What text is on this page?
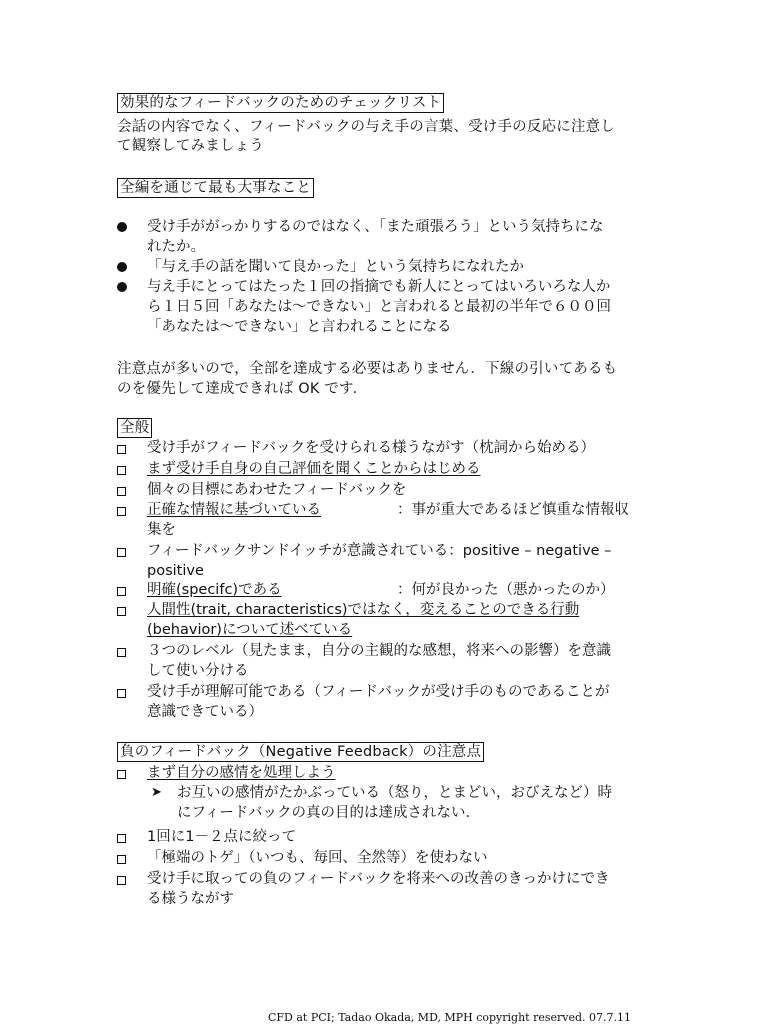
効果的なフィードバックのためのチェックリスト
会話の内容でなく、フィードバックの与え手の言葉、受け手の反応に注意し
て観察してみましょう
全編を通じて最も大事なこと
受け手ががっかりするのではなく、「また頑張ろう」という気持ちにな
れたか。
「与え手の話を聞いて良かった」という気持ちになれたか
与え手にとってはたった１回の指摘でも新人にとってはいろいろな人か
ら１日５回「あなたは～できない」と言われると最初の半年で６００回
「あなたは～できない」と言われることになる
注意点が多いので，全部を達成する必要はありません．下線の引いてあるも
のを優先して達成できれば OK です．
全般
受け手がフィードバックを受けられる様うながす（枕詞から始める）
まず受け手自身の自己評価を聞くことからはじめる
個々の目標にあわせたフィードバックを
正確な情報に基づいている	：事が重大であるほど慎重な情報収
集を
フィードバックサンドイッチが意識されている：positive – negative –
positive
明確(specifc)である	：何が良かった（悪かったのか）
人間性(trait, characteristics)ではなく，変えることのできる行動
(behavior)について述べている
３つのレベル（見たまま，自分の主観的な感想，将来への影響）を意識
して使い分ける
受け手が理解可能である（フィードバックが受け手のものであることが
意識できている）
負のフィードバック（Negative Feedback）の注意点
まず自分の感情を処理しよう
➤ お互いの感情がたかぶっている（怒り，とまどい，おびえなど）時
にフィードバックの真の目的は達成されない．
1回に1－２点に絞って
「極端のトゲ」（いつも、毎回、全然等）を使わない
受け手に取っての負のフィードバックを将来への改善のきっかけにでき
る様うながす
CFD at PCI; Tadao Okada, MD, MPH copyright reserved. 07.7.11
